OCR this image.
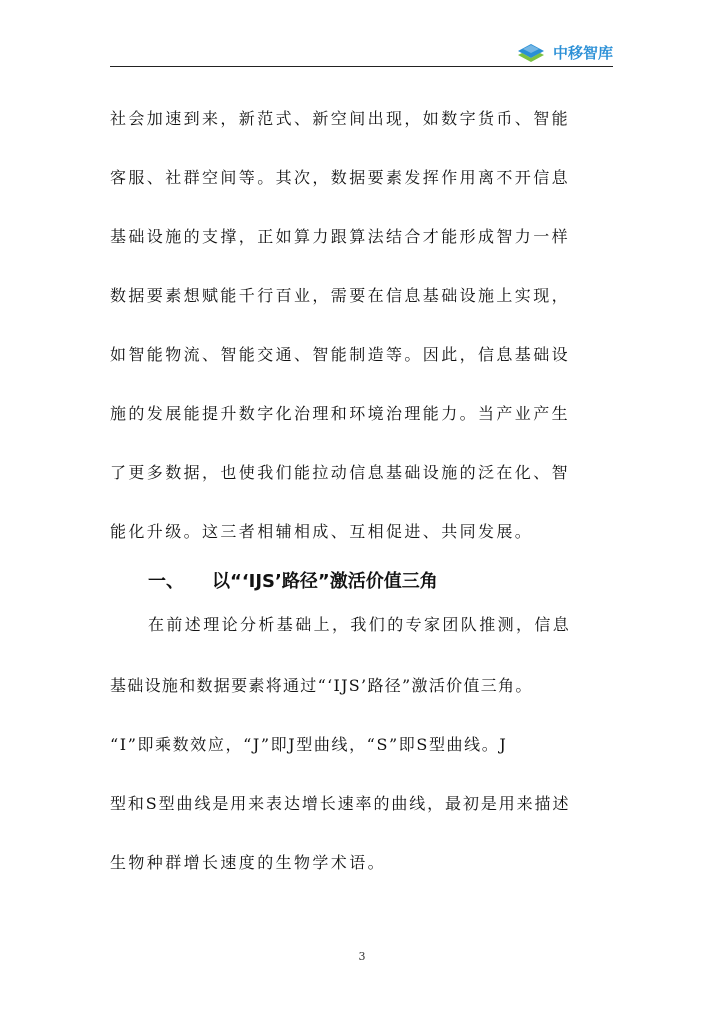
中移智库
社会加速到来，新范式、新空间出现，如数字货币、智能
客服、社群空间等。其次，数据要素发挥作用离不开信息
基础设施的支撑，正如算力跟算法结合才能形成智力一样
数据要素想赋能千行百业，需要在信息基础设施上实现，
如智能物流、智能交通、智能制造等。因此，信息基础设
施的发展能提升数字化治理和环境治理能力。当产业产生
了更多数据，也使我们能拉动信息基础设施的泛在化、智
能化升级。这三者相辅相成、互相促进、共同发展。
一、	以“‘IJS’路径”激活价值三角
在前述理论分析基础上，我们的专家团队推测，信息
基础设施和数据要素将通过“‘IJS’路径”激活价值三角。
“I”即乘数效应，“J”即J型曲线，“S”即S型曲线。J
型和S型曲线是用来表达增长速率的曲线，最初是用来描述
生物种群增长速度的生物学术语。
3
